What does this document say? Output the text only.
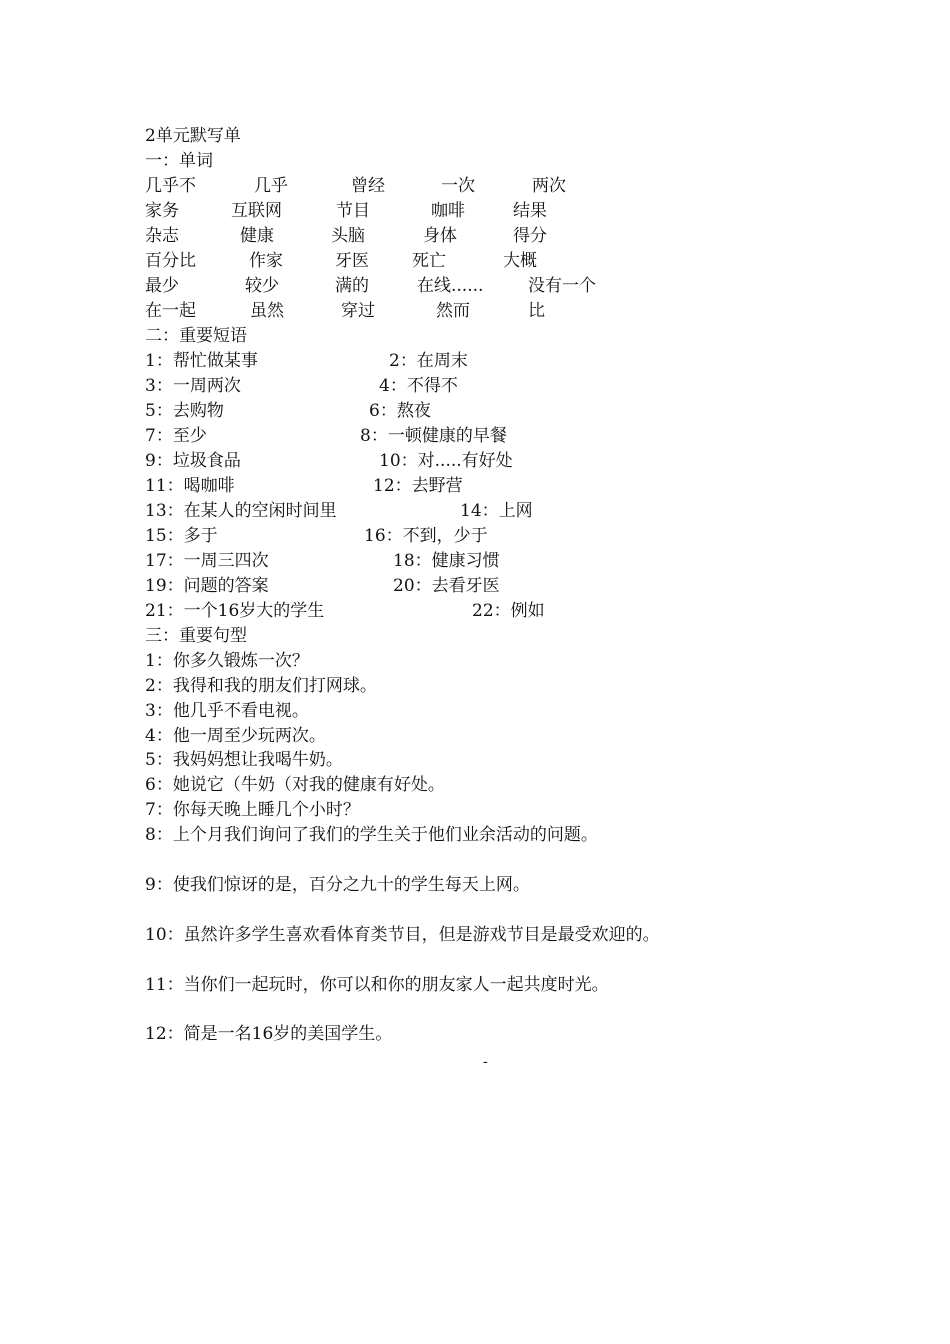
2单元默写单
一：单词
几乎不	几乎	曾经	一次	两次
家务	互联网	节目	咖啡	结果
杂志	健康	头脑	身体	得分
百分比	作家	牙医	死亡	大概
最少	较少	满的	在线......	没有一个
在一起	虽然	穿过	然而	比
二：重要短语
1：帮忙做某事	2：在周末
3：一周两次	4：不得不
5：去购物	6：熬夜
7：至少	8：一顿健康的早餐
9：垃圾食品	10：对.....有好处
11：喝咖啡	12：去野营
13：在某人的空闲时间里	14：上网
15：多于	16：不到，少于
17：一周三四次	18：健康习惯
19：问题的答案	20：去看牙医
21：一个16岁大的学生	22：例如
三：重要句型
1：你多久锻炼一次？
2：我得和我的朋友们打网球。
3：他几乎不看电视。
4：他一周至少玩两次。
5：我妈妈想让我喝牛奶。
6：她说它（牛奶（对我的健康有好处。
7：你每天晚上睡几个小时？
8：上个月我们询问了我们的学生关于他们业余活动的问题。
9：使我们惊讶的是，百分之九十的学生每天上网。
10：虽然许多学生喜欢看体育类节目，但是游戏节目是最受欢迎的。
11：当你们一起玩时，你可以和你的朋友家人一起共度时光。
12：简是一名16岁的美国学生。
-
